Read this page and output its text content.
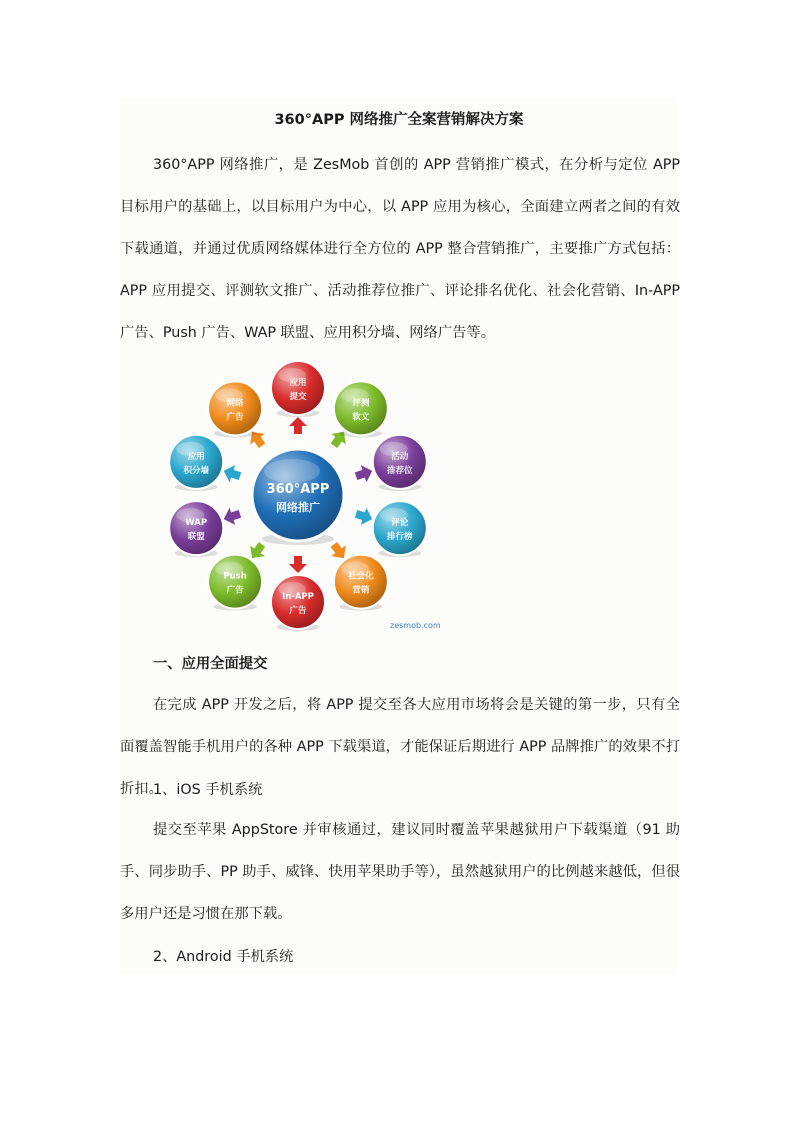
360°APP 网络推广全案营销解决方案

360°APP 网络推广，是 ZesMob 首创的 APP 营销推广模式，在分析与定位 APP 目标用户的基础上，以目标用户为中心，以 APP 应用为核心，全面建立两者之间的有效下载通道，并通过优质网络媒体进行全方位的 APP 整合营销推广，主要推广方式包括：APP 应用提交、评测软文推广、活动推荐位推广、评论排名优化、社会化营销、In-APP 广告、Push 广告、WAP 联盟、应用积分墙、网络广告等。

应用
提交
评测
软文
活动
推荐位
评论
排行榜
社会化
营销
In-APP
广告
Push
广告
WAP
联盟
应用
积分墙
网络
广告
360°APP
网络推广
zesmob.com
一、应用全面提交

在完成 APP 开发之后，将 APP 提交至各大应用市场将会是关键的第一步，只有全面覆盖智能手机用户的各种 APP 下载渠道，才能保证后期进行 APP 品牌推广的效果不打折扣。

1、iOS 手机系统

提交至苹果 AppStore 并审核通过，建议同时覆盖苹果越狱用户下载渠道（91 助手、同步助手、PP 助手、威锋、快用苹果助手等），虽然越狱用户的比例越来越低，但很多用户还是习惯在那下载。

2、Android 手机系统
